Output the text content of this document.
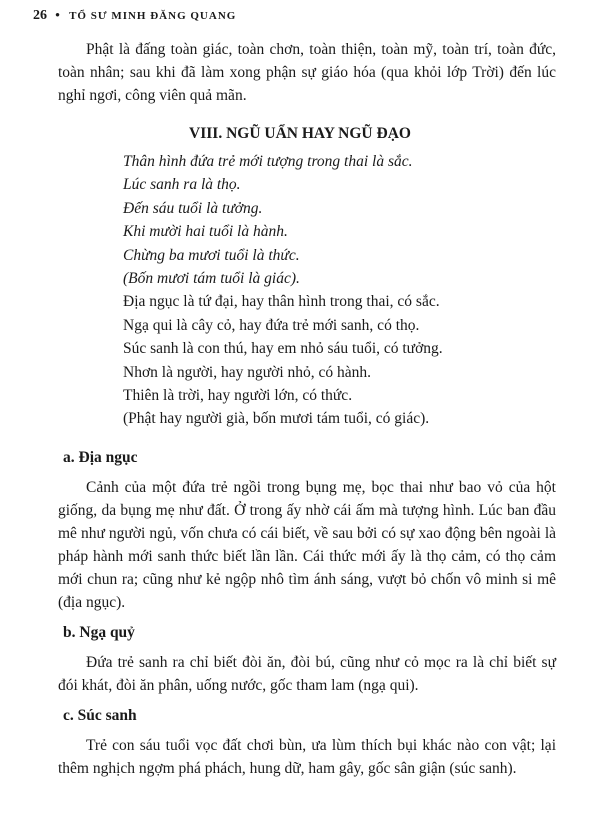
26 • TỔ SƯ MINH ĐĂNG QUANG
Phật là đấng toàn giác, toàn chơn, toàn thiện, toàn mỹ, toàn trí, toàn đức, toàn nhân; sau khi đã làm xong phận sự giáo hóa (qua khỏi lớp Trời) đến lúc nghỉ ngơi, công viên quả mãn.
VIII. NGŨ UẨN HAY NGŨ ĐẠO
Thân hình đứa trẻ mới tượng trong thai là sắc.
Lúc sanh ra là thọ.
Đến sáu tuổi là tưởng.
Khi mười hai tuổi là hành.
Chừng ba mươi tuổi là thức.
(Bốn mươi tám tuổi là giác).
Địa ngục là tứ đại, hay thân hình trong thai, có sắc.
Ngạ qui là cây cỏ, hay đứa trẻ mới sanh, có thọ.
Súc sanh là con thú, hay em nhỏ sáu tuổi, có tưởng.
Nhơn là người, hay người nhỏ, có hành.
Thiên là trời, hay người lớn, có thức.
(Phật hay người già, bốn mươi tám tuổi, có giác).
a. Địa ngục
Cảnh của một đứa trẻ ngồi trong bụng mẹ, bọc thai như bao vỏ của hột giống, da bụng mẹ như đất. Ở trong ấy nhờ cái ấm mà tượng hình. Lúc ban đầu mê như người ngủ, vốn chưa có cái biết, về sau bởi có sự xao động bên ngoài là pháp hành mới sanh thức biết lần lần. Cái thức mới ấy là thọ cảm, có thọ cảm mới chun ra; cũng như kẻ ngộp nhô tìm ánh sáng, vượt bỏ chốn vô minh si mê (địa ngục).
b. Ngạ quỷ
Đứa trẻ sanh ra chỉ biết đòi ăn, đòi bú, cũng như cỏ mọc ra là chỉ biết sự đói khát, đòi ăn phân, uống nước, gốc tham lam (ngạ qui).
c. Súc sanh
Trẻ con sáu tuổi vọc đất chơi bùn, ưa lùm thích bụi khác nào con vật; lại thêm nghịch ngợm phá phách, hung dữ, ham gây, gốc sân giận (súc sanh).
